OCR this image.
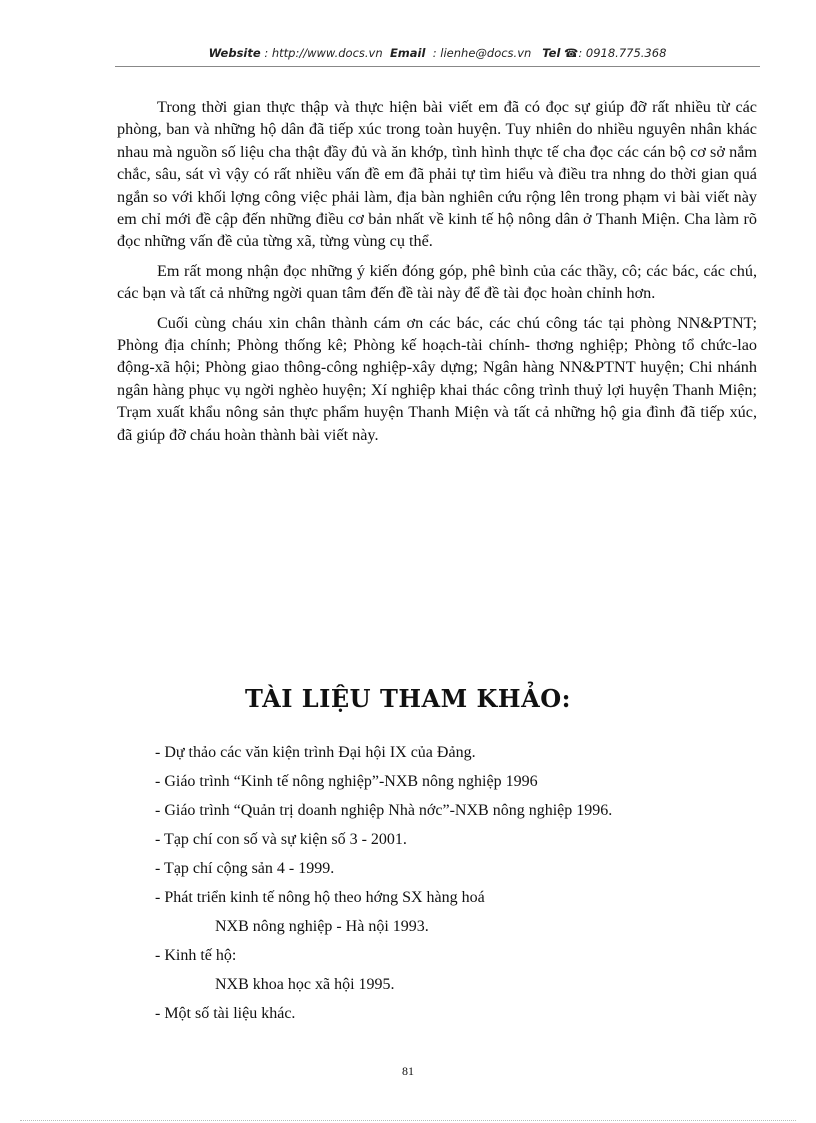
Website : http://www.docs.vn Email : lienhe@docs.vn Tel ☎: 0918.775.368

Trong thời gian thực thập và thực hiện bài viết em đã có đọc sự giúp đỡ rất nhiều từ các phòng, ban và những hộ dân đã tiếp xúc trong toàn huyện. Tuy nhiên do nhiều nguyên nhân khác nhau mà nguồn số liệu cha thật đầy đủ và ăn khớp, tình hình thực tế cha đọc các cán bộ cơ sở nắm chắc, sâu, sát vì vậy có rất nhiều vấn đề em đã phải tự tìm hiểu và điều tra nhng do thời gian quá ngắn so với khối lợng công việc phải làm, địa bàn nghiên cứu rộng lên trong phạm vi bài viết này em chỉ mới đề cập đến những điều cơ bản nhất về kinh tế hộ nông dân ở Thanh Miện. Cha làm rõ đọc những vấn đề của từng xã, từng vùng cụ thể.

Em rất mong nhận đọc những ý kiến đóng góp, phê bình của các thầy, cô; các bác, các chú, các bạn và tất cả những ngời quan tâm đến đề tài này để đề tài đọc hoàn chỉnh hơn.

Cuối cùng cháu xin chân thành cám ơn các bác, các chú công tác tại phòng NN&PTNT; Phòng địa chính; Phòng thống kê; Phòng kế hoạch-tài chính- thơng nghiệp; Phòng tổ chức-lao động-xã hội; Phòng giao thông-công nghiệp-xây dựng; Ngân hàng NN&PTNT huyện; Chi nhánh ngân hàng phục vụ ngời nghèo huyện; Xí nghiệp khai thác công trình thuỷ lợi huyện Thanh Miện; Trạm xuất khẩu nông sản thực phẩm huyện Thanh Miện và tất cả những hộ gia đình đã tiếp xúc, đã giúp đỡ cháu hoàn thành bài viết này.

TÀI LIỆU THAM KHẢO:

- Dự thảo các văn kiện trình Đại hội IX của Đảng.

- Giáo trình “Kinh tế nông nghiệp”-NXB nông nghiệp 1996

- Giáo trình “Quản trị doanh nghiệp Nhà nớc”-NXB nông nghiệp 1996.

- Tạp chí con số và sự kiện số 3 - 2001.

- Tạp chí cộng sản 4 - 1999.

- Phát triển kinh tế nông hộ theo hớng SX hàng hoá

NXB nông nghiệp - Hà nội 1993.

- Kinh tế hộ:

NXB khoa học xã hội 1995.

- Một số tài liệu khác.

81
